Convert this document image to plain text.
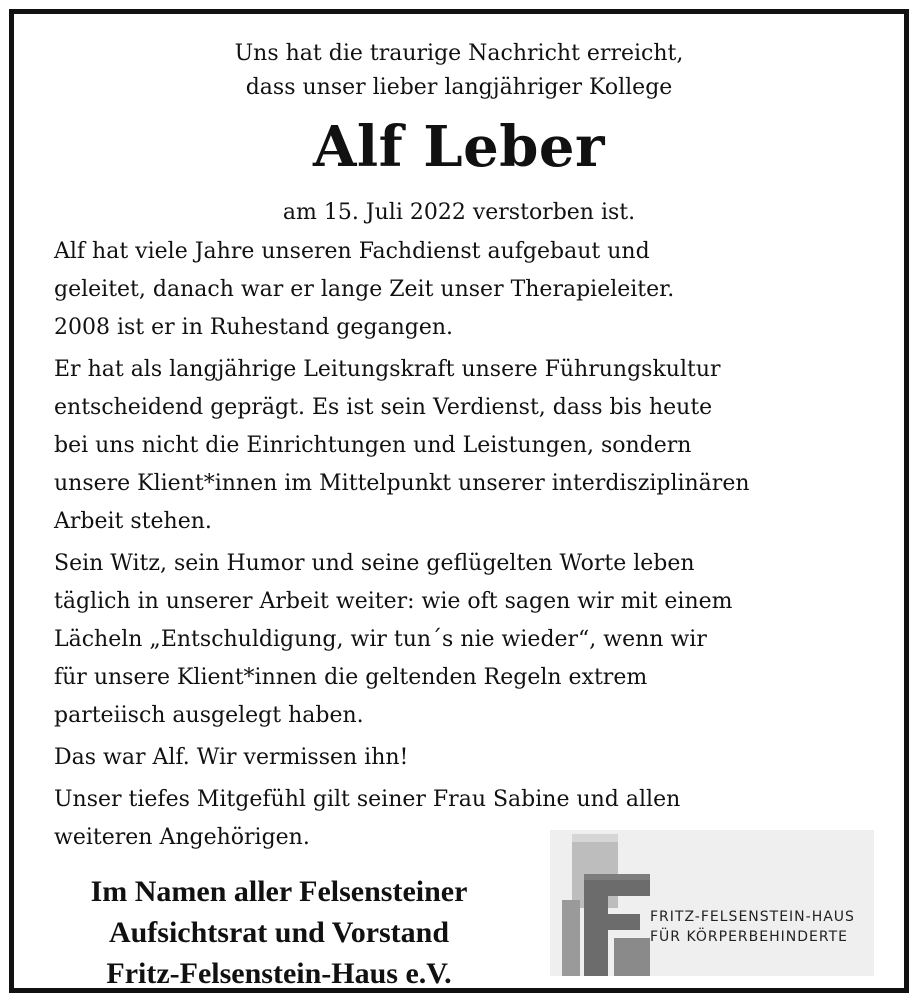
Uns hat die traurige Nachricht erreicht,
dass unser lieber langjähriger Kollege
Alf Leber
am 15. Juli 2022 verstorben ist.

Alf hat viele Jahre unseren Fachdienst aufgebaut und
geleitet, danach war er lange Zeit unser Therapieleiter.
2008 ist er in Ruhestand gegangen.

Er hat als langjährige Leitungskraft unsere Führungskultur
entscheidend geprägt. Es ist sein Verdienst, dass bis heute
bei uns nicht die Einrichtungen und Leistungen, sondern
unsere Klient*innen im Mittelpunkt unserer interdisziplinären
Arbeit stehen.

Sein Witz, sein Humor und seine geflügelten Worte leben
täglich in unserer Arbeit weiter: wie oft sagen wir mit einem
Lächeln „Entschuldigung, wir tun´s nie wieder“, wenn wir
für unsere Klient*innen die geltenden Regeln extrem
parteiisch ausgelegt haben.

Das war Alf. Wir vermissen ihn!

Unser tiefes Mitgefühl gilt seiner Frau Sabine und allen
weiteren Angehörigen.

Im Namen aller Felsensteiner
Aufsichtsrat und Vorstand
Fritz-Felsenstein-Haus e.V.
FRITZ-FELSENSTEIN-HAUS
FÜR KÖRPERBEHINDERTE
